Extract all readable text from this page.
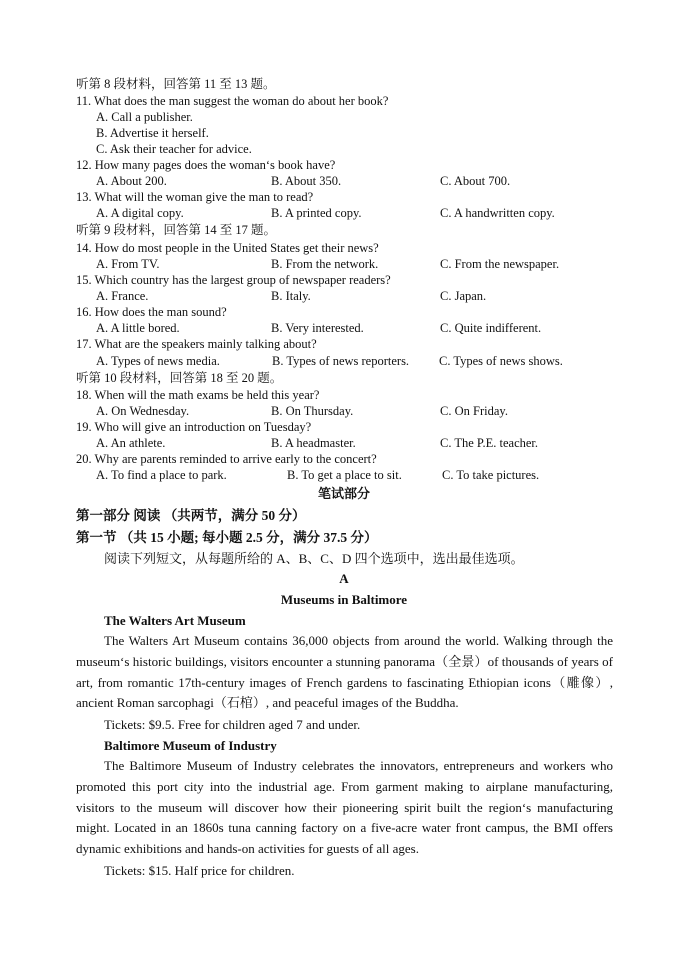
听第 8 段材料，回答第 11 至 13 题。
11. What does the man suggest the woman do about her book?
A. Call a publisher.
B. Advertise it herself.
C. Ask their teacher for advice.
12. How many pages does the woman‘s book have?
A. About 200.	B. About 350.	C. About 700.
13. What will the woman give the man to read?
A. A digital copy.	B. A printed copy.	C. A handwritten copy.
听第 9 段材料，回答第 14 至 17 题。
14. How do most people in the United States get their news?
A. From TV.	B. From the network.	C. From the newspaper.
15. Which country has the largest group of newspaper readers?
A. France.	B. Italy.	C. Japan.
16. How does the man sound?
A. A little bored.	B. Very interested.	C. Quite indifferent.
17. What are the speakers mainly talking about?
A. Types of news media.	B. Types of news reporters. C. Types of news shows.
听第 10 段材料，回答第 18 至 20 题。
18. When will the math exams be held this year?
A. On Wednesday.	B. On Thursday.	C. On Friday.
19. Who will give an introduction on Tuesday?
A. An athlete.	B. A headmaster.	C. The P.E. teacher.
20. Why are parents reminded to arrive early to the concert?
A. To find a place to park.	B. To get a place to sit.	C. To take pictures.
笔试部分
第一部分 阅读 （共两节，满分 50 分）
第一节 （共 15 小题; 每小题 2.5 分，满分 37.5 分）
阅读下列短文，从每题所给的 A、B、C、D 四个选项中，选出最佳选项。
A
Museums in Baltimore
The Walters Art Museum

The Walters Art Museum contains 36,000 objects from around the world. Walking through the museum‘s historic buildings, visitors encounter a stunning panorama（全景）of thousands of years of art, from romantic 17th-century images of French gardens to fascinating Ethiopian icons（雕像）, ancient Roman sarcophagi（石棺）, and peaceful images of the Buddha.

Tickets: $9.5. Free for children aged 7 and under.
Baltimore Museum of Industry

The Baltimore Museum of Industry celebrates the innovators, entrepreneurs and workers who promoted this port city into the industrial age. From garment making to airplane manufacturing, visitors to the museum will discover how their pioneering spirit built the region‘s manufacturing might. Located in an 1860s tuna canning factory on a five-acre water front campus, the BMI offers dynamic exhibitions and hands-on activities for guests of all ages.

Tickets: $15. Half price for children.
